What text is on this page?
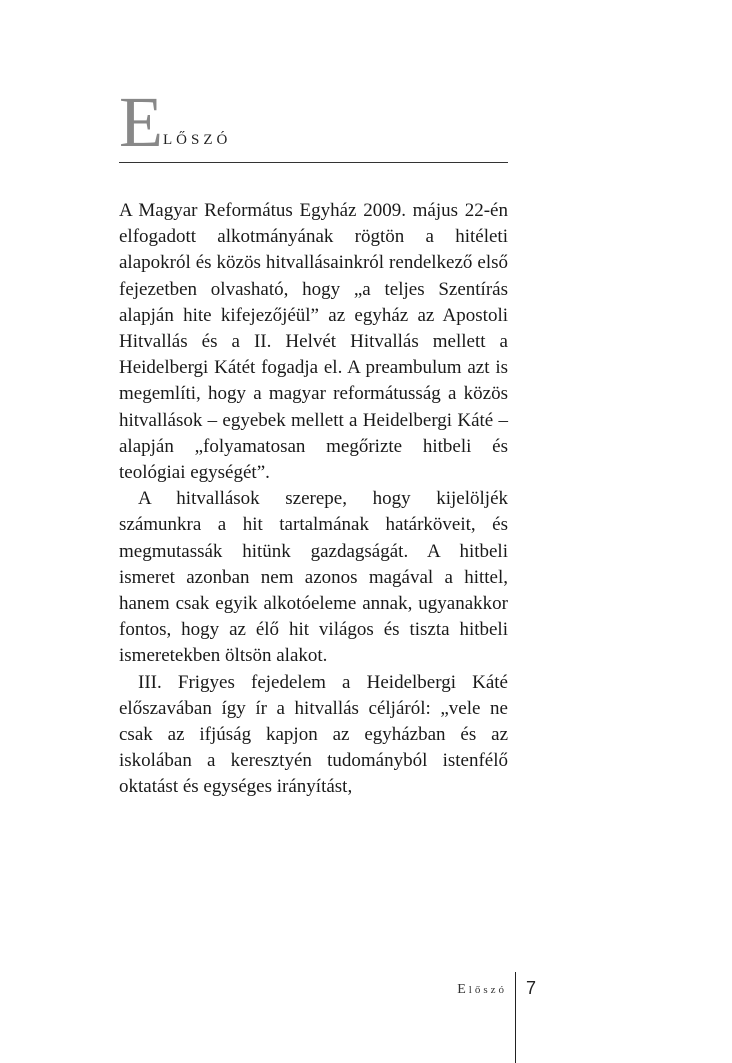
E LŐSZÓ

A Magyar Református Egyház 2009. május 22-én elfogadott alkotmányának rögtön a hitéleti alapokról és közös hitvallásainkról rendelkező első fejezetben olvasható, hogy „a teljes Szentírás alapján hite kifejezőjéül” az egyház az Apostoli Hitvallás és a II. Helvét Hitvallás mellett a Heidelbergi Kátét fogadja el. A preambulum azt is megemlíti, hogy a magyar reformátusság a közös hitvallások – egyebek mellett a Heidelbergi Káté – alapján „folyamatosan megőrizte hitbeli és teológiai egységét”.

A hitvallások szerepe, hogy kijelöljék számunkra a hit tartalmának határköveit, és megmutassák hitünk gazdagságát. A hitbeli ismeret azonban nem azonos magával a hittel, hanem csak egyik alkotóeleme annak, ugyanakkor fontos, hogy az élő hit világos és tiszta hitbeli ismeretekben öltsön alakot.

III. Frigyes fejedelem a Heidelbergi Káté előszavában így ír a hitvallás céljáról: „vele ne csak az ifjúság kapjon az egyházban és az iskolában a keresztyén tudományból istenfélő oktatást és egységes irányítást,

Előszó 7
